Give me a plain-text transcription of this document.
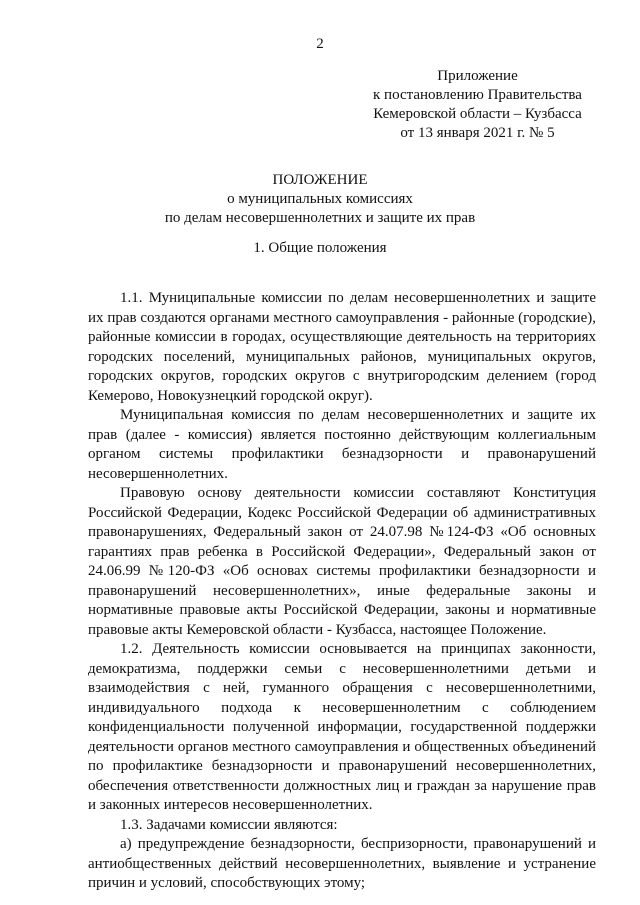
2
Приложение
к постановлению Правительства
Кемеровской области – Кузбасса
от 13 января 2021 г. № 5
ПОЛОЖЕНИЕ
о муниципальных комиссиях
по делам несовершеннолетних и защите их прав
1. Общие положения

1.1. Муниципальные комиссии по делам несовершеннолетних и защите их прав создаются органами местного самоуправления - районные (городские), районные комиссии в городах, осуществляющие деятельность на территориях городских поселений, муниципальных районов, муниципальных округов, городских округов, городских округов с внутригородским делением (город Кемерово, Новокузнецкий городской округ).

Муниципальная комиссия по делам несовершеннолетних и защите их прав (далее - комиссия) является постоянно действующим коллегиальным органом системы профилактики безнадзорности и правонарушений несовершеннолетних.

Правовую основу деятельности комиссии составляют Конституция Российской Федерации, Кодекс Российской Федерации об административных правонарушениях, Федеральный закон от 24.07.98 №124-ФЗ «Об основных гарантиях прав ребенка в Российской Федерации», Федеральный закон от 24.06.99 №120-ФЗ «Об основах системы профилактики безнадзорности и правонарушений несовершеннолетних», иные федеральные законы и нормативные правовые акты Российской Федерации, законы и нормативные правовые акты Кемеровской области - Кузбасса, настоящее Положение.

1.2. Деятельность комиссии основывается на принципах законности, демократизма, поддержки семьи с несовершеннолетними детьми и взаимодействия с ней, гуманного обращения с несовершеннолетними, индивидуального подхода к несовершеннолетним с соблюдением конфиденциальности полученной информации, государственной поддержки деятельности органов местного самоуправления и общественных объединений по профилактике безнадзорности и правонарушений несовершеннолетних, обеспечения ответственности должностных лиц и граждан за нарушение прав и законных интересов несовершеннолетних.

1.3. Задачами комиссии являются:

а) предупреждение безнадзорности, беспризорности, правонарушений и антиобщественных действий несовершеннолетних, выявление и устранение причин и условий, способствующих этому;
